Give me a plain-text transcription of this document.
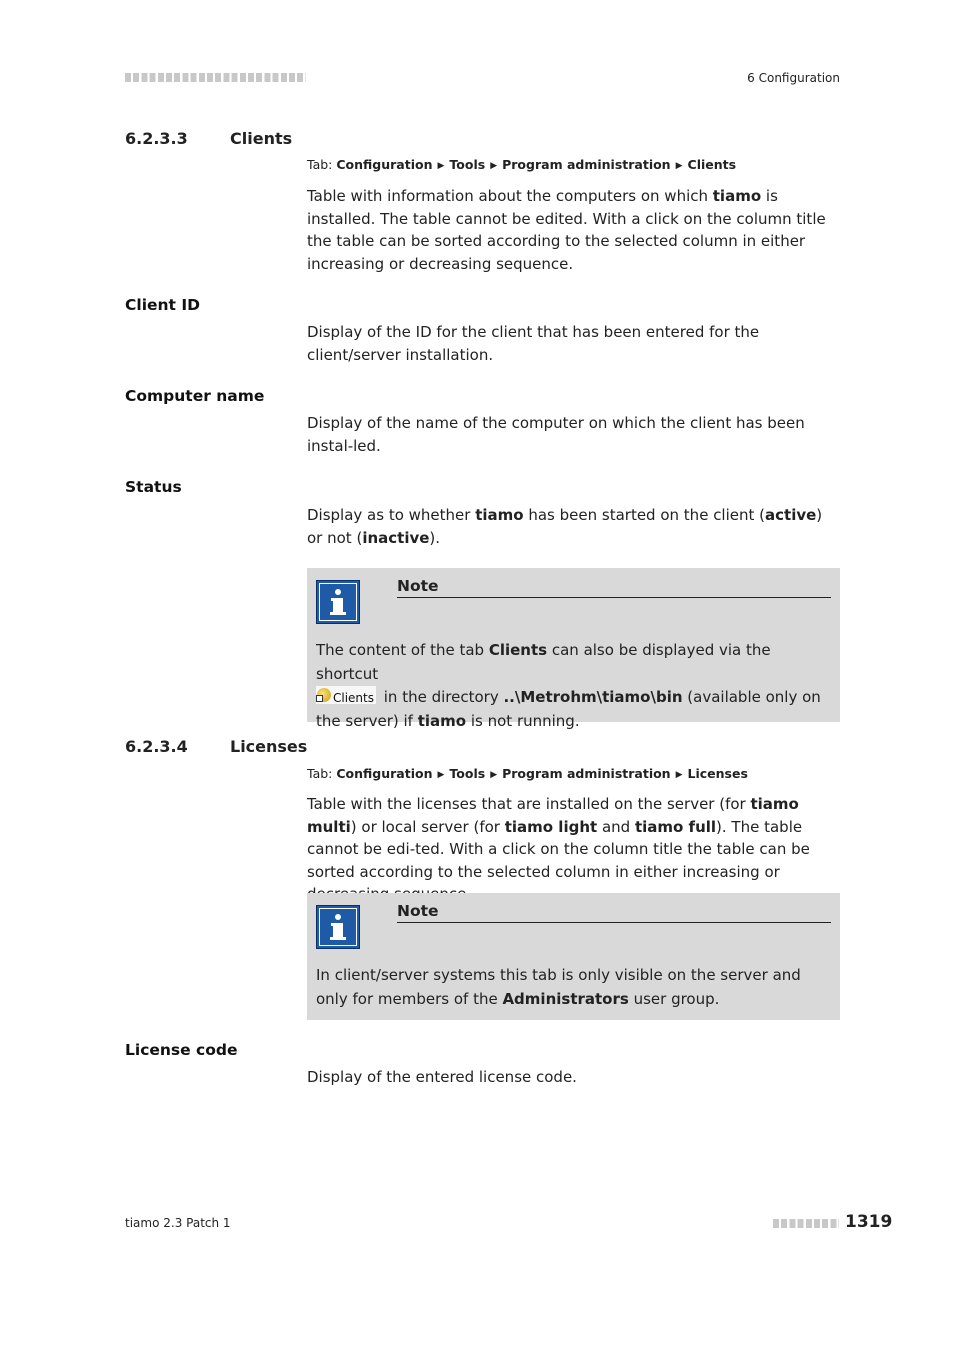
6 Configuration
6.2.3.3	Clients
Tab: Configuration ▶ Tools ▶ Program administration ▶ Clients
Table with information about the computers on which tiamo is installed. The table cannot be edited. With a click on the column title the table can be sorted according to the selected column in either increasing or decreasing sequence.
Client ID
Display of the ID for the client that has been entered for the client/server installation.
Computer name
Display of the name of the computer on which the client has been instal-led.
Status
Display as to whether tiamo has been started on the client (active) or not (inactive).
Note
The content of the tab Clients can also be displayed via the shortcut

Clients in the directory ..\Metrohm\tiamo\bin (available only on the server) if tiamo is not running.
6.2.3.4	Licenses
Tab: Configuration ▶ Tools ▶ Program administration ▶ Licenses
Table with the licenses that are installed on the server (for tiamo multi) or local server (for tiamo light and tiamo full). The table cannot be edi-ted. With a click on the column title the table can be sorted according to the selected column in either increasing or
Note
In client/server systems this tab is only visible on the server and only for members of the Administrators user group.
License code
Display of the entered license code.
tiamo 2.3 Patch 1	1319
